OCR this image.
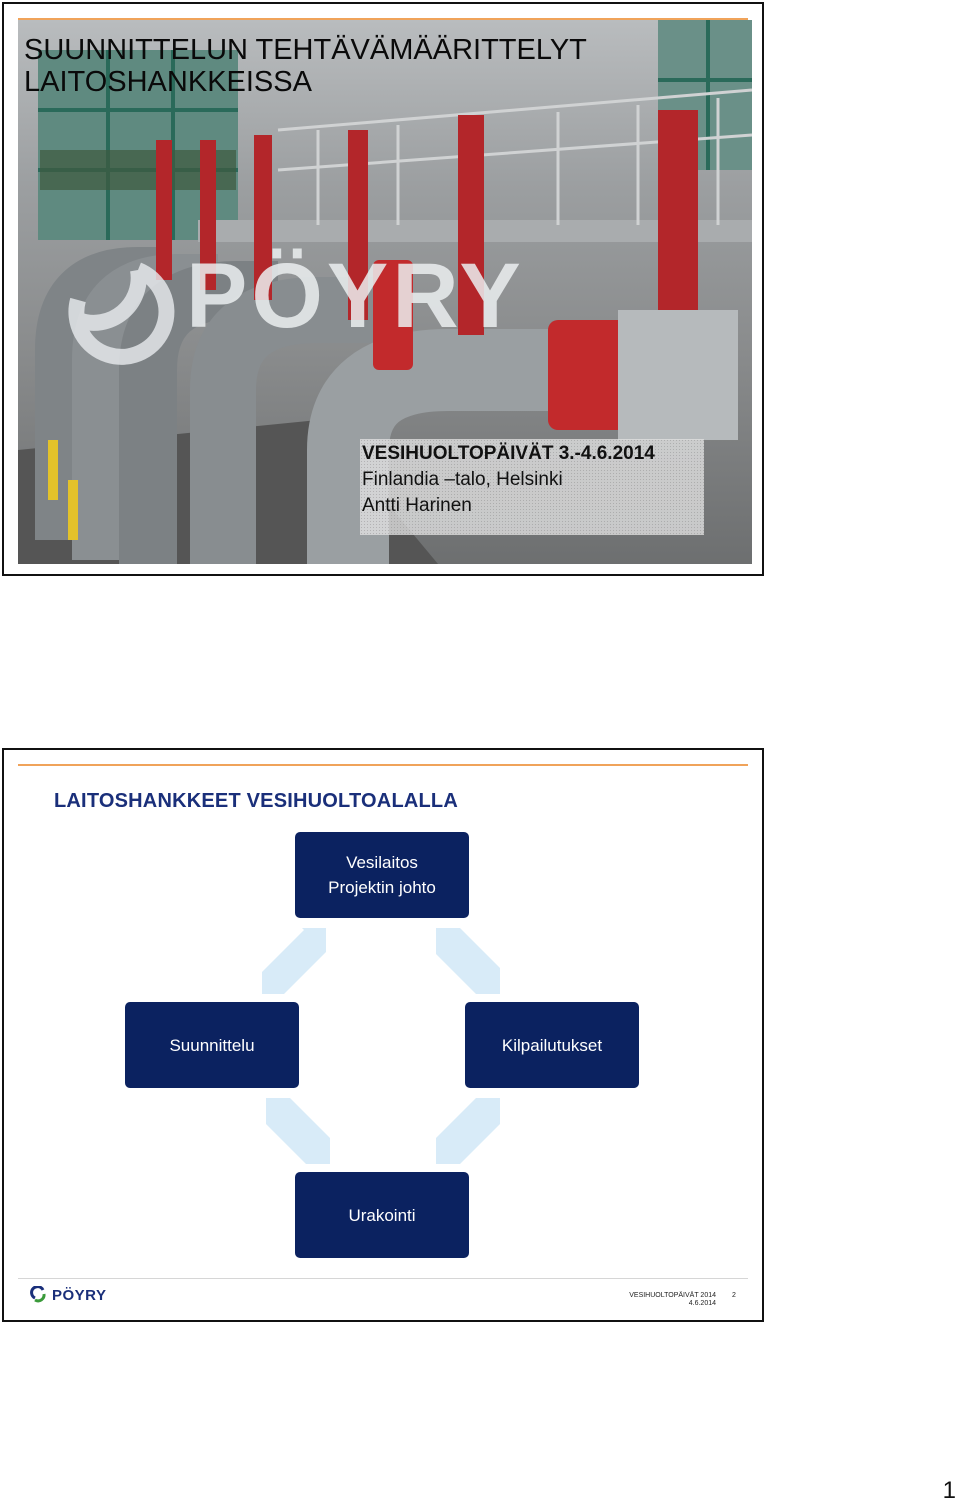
PÖYRY
SUUNNITTELUN TEHTÄVÄMÄÄRITTELYT
LAITOSHANKKEISSA
VESIHUOLTOPÄIVÄT 3.-4.6.2014
Finlandia –talo, Helsinki
Antti Harinen
LAITOSHANKKEET VESIHUOLTOALALLA
Vesilaitos
Projektin johto
Suunnittelu	Kilpailutukset
Urakointi
PÖYRY	VESIHUOLTOPÄIVÄT 2014
4.6.2014
2
1
